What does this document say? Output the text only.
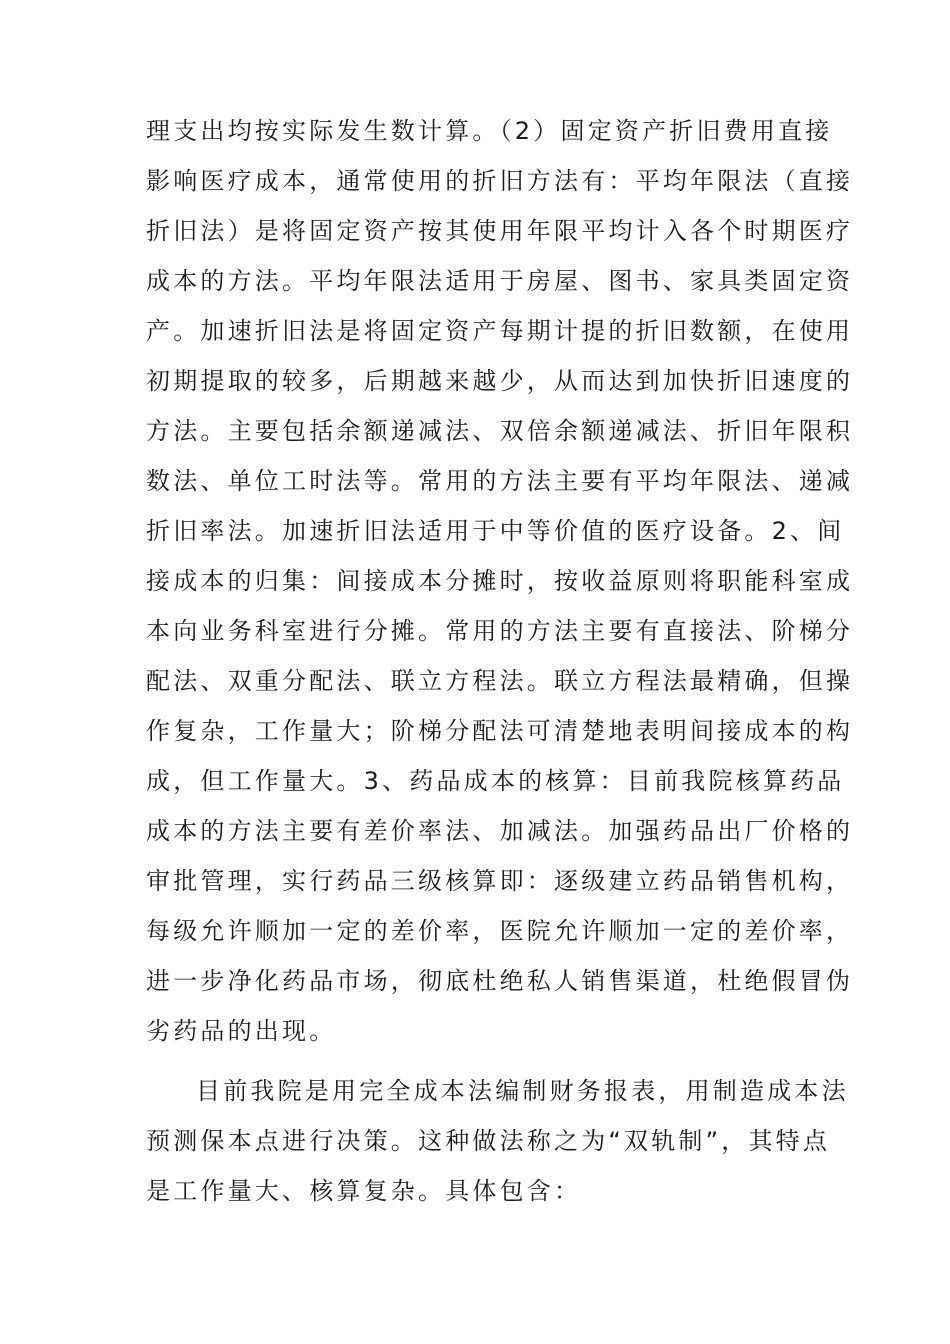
理支出均按实际发生数计算。（2）固定资产折旧费用直接
影响医疗成本，通常使用的折旧方法有：平均年限法（直接
折旧法）是将固定资产按其使用年限平均计入各个时期医疗
成本的方法。平均年限法适用于房屋、图书、家具类固定资
产。加速折旧法是将固定资产每期计提的折旧数额，在使用
初期提取的较多，后期越来越少，从而达到加快折旧速度的
方法。主要包括余额递减法、双倍余额递减法、折旧年限积
数法、单位工时法等。常用的方法主要有平均年限法、递减
折旧率法。加速折旧法适用于中等价值的医疗设备。2、间
接成本的归集：间接成本分摊时，按收益原则将职能科室成
本向业务科室进行分摊。常用的方法主要有直接法、阶梯分
配法、双重分配法、联立方程法。联立方程法最精确，但操
作复杂，工作量大；阶梯分配法可清楚地表明间接成本的构
成，但工作量大。3、药品成本的核算：目前我院核算药品
成本的方法主要有差价率法、加减法。加强药品出厂价格的
审批管理，实行药品三级核算即：逐级建立药品销售机构，
每级允许顺加一定的差价率，医院允许顺加一定的差价率，
进一步净化药品市场，彻底杜绝私人销售渠道，杜绝假冒伪
劣药品的出现。
目前我院是用完全成本法编制财务报表，用制造成本法
预测保本点进行决策。这种做法称之为“双轨制”，其特点
是工作量大、核算复杂。具体包含：
